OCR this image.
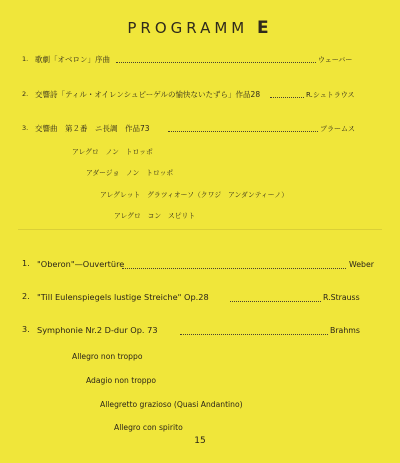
PROGRAMM E
1. 歌劇「オベロン」序曲	ウェーバー
2. 交響詩「ティル・オイレンシュピーゲルの愉快ないたずら」作品28	R.シュトラウス
3. 交響曲　第２番　ニ長調　作品73	ブラームス
アレグロ　ノン　トロッポ
アダージョ　ノン　トロッポ
アレグレット　グラツィオーソ（クワジ　アンダンティーノ）
アレグロ　コン　スピリト
1. "Oberon"—Ouvertüre	Weber
2. "Till Eulenspiegels lustige Streiche" Op.28	R.Strauss
3. Symphonie Nr.2 D-dur Op. 73	Brahms
Allegro non troppo
Adagio non troppo
Allegretto grazioso (Quasi Andantino)
Allegro con spirito
15
